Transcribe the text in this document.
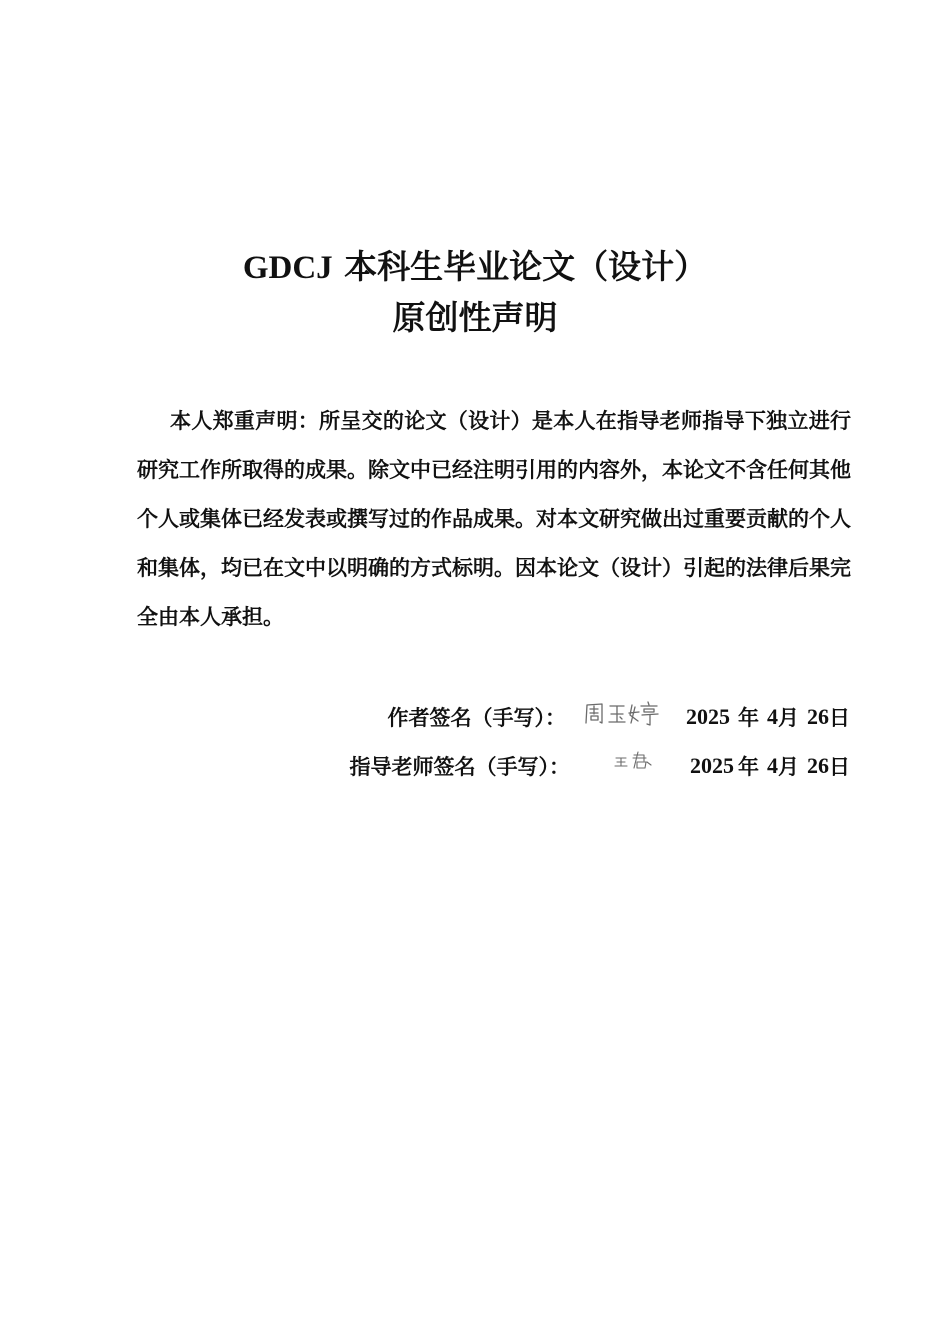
GDCJ 本科生毕业论文（设计）
原创性声明
本人郑重声明：所呈交的论文（设计）是本人在指导老师指导下独立进行研究工作所取得的成果。除文中已经注明引用的内容外，本论文不含任何其他个人或集体已经发表或撰写过的作品成果。对本文研究做出过重要贡献的个人和集体，均已在文中以明确的方式标明。因本论文（设计）引起的法律后果完全由本人承担。
作者签名（手写）：	2025 年 4 月 26 日
指导老师签名（手写）：	2025 年 4 月 26 日
